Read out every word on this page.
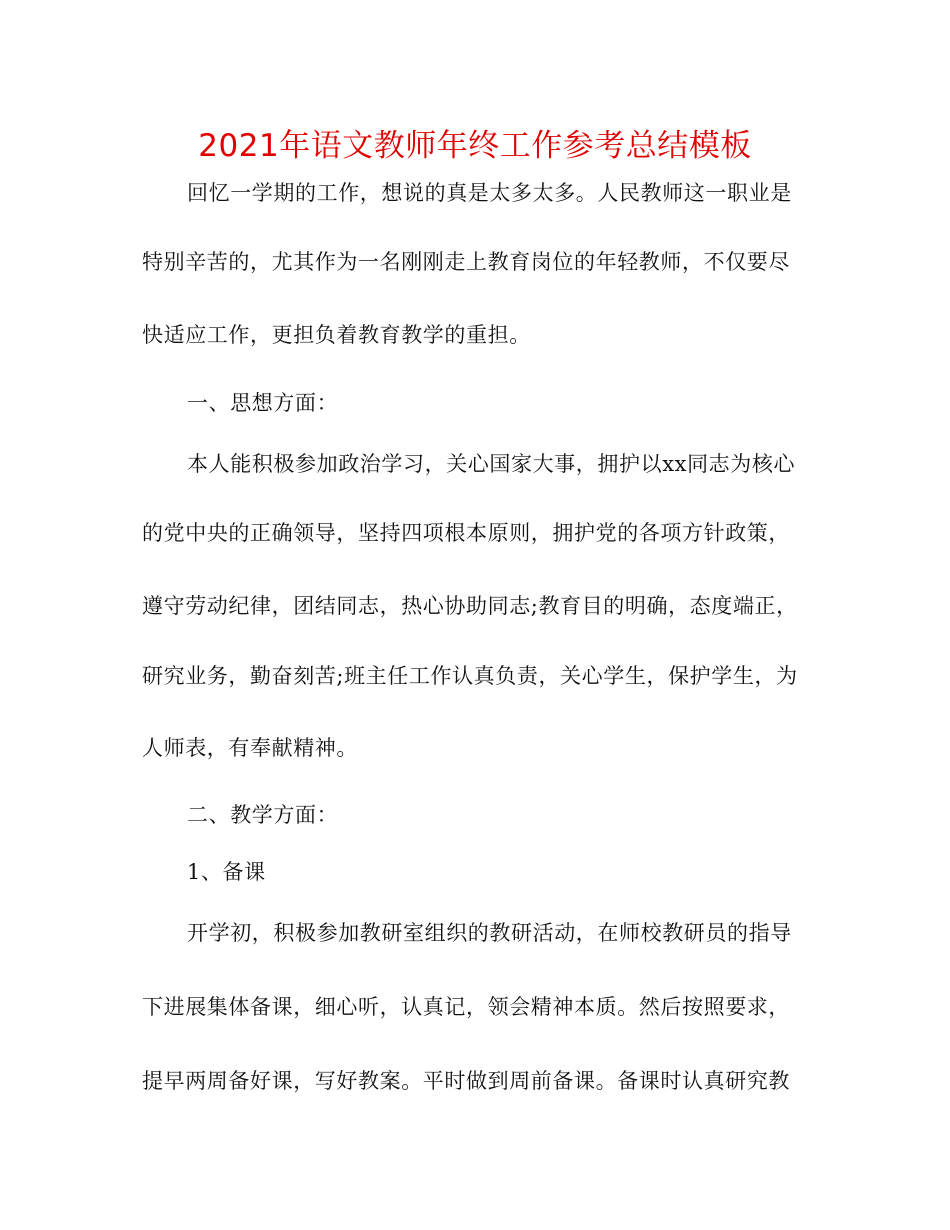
2021年语文教师年终工作参考总结模板
回忆一学期的工作，想说的真是太多太多。人民教师这一职业是
特别辛苦的，尤其作为一名刚刚走上教育岗位的年轻教师，不仅要尽
快适应工作，更担负着教育教学的重担。
一、思想方面：
本人能积极参加政治学习，关心国家大事，拥护以xx同志为核心
的党中央的正确领导，坚持四项根本原则，拥护党的各项方针政策，
遵守劳动纪律，团结同志，热心协助同志;教育目的明确，态度端正，
研究业务，勤奋刻苦;班主任工作认真负责，关心学生，保护学生，为
人师表，有奉献精神。
二、教学方面：
1、备课
开学初，积极参加教研室组织的教研活动，在师校教研员的指导
下进展集体备课，细心听，认真记，领会精神本质。然后按照要求，
提早两周备好课，写好教案。平时做到周前备课。备课时认真研究教
